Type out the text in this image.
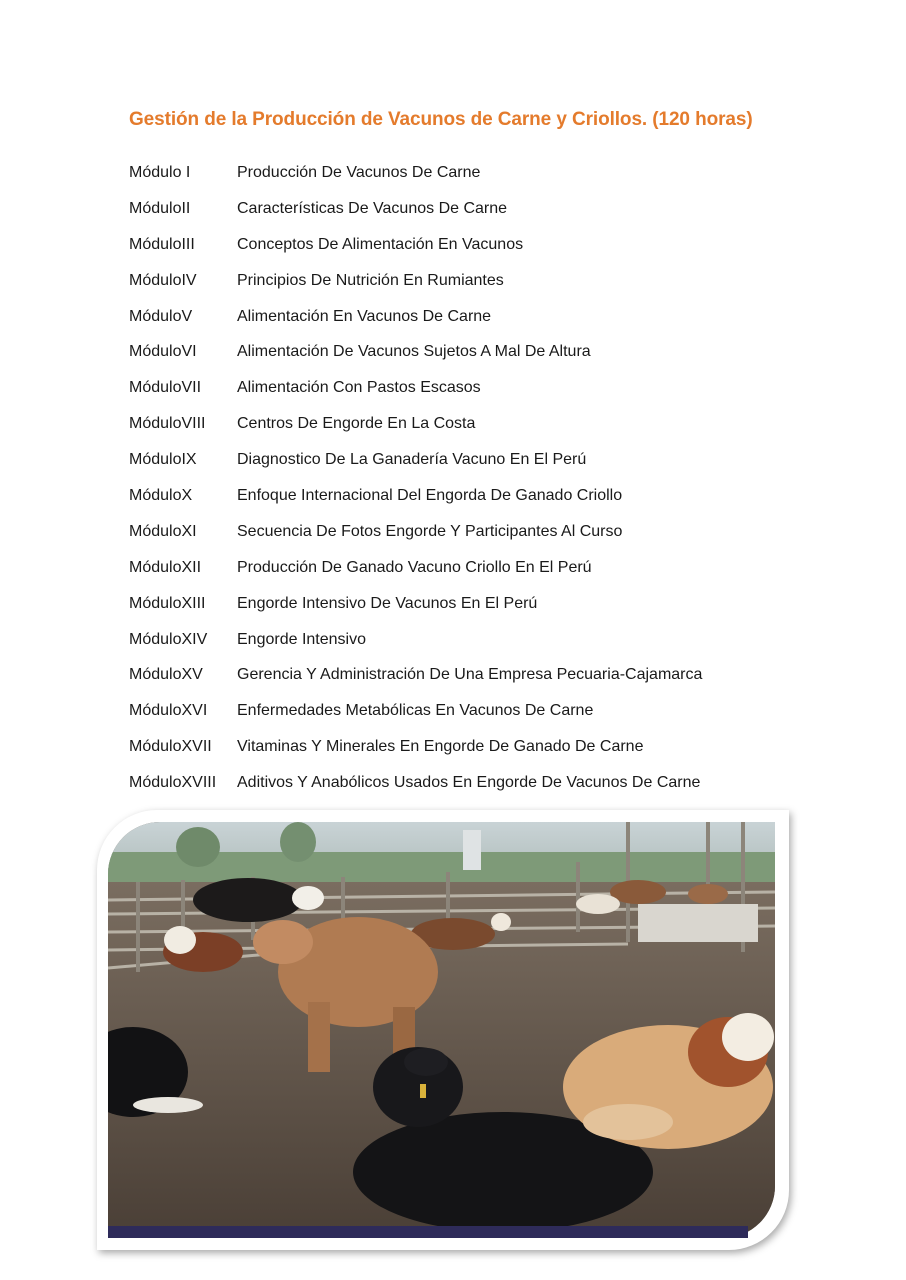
Gestión de la Producción de Vacunos de Carne y Criollos. (120 horas)
Módulo I	Producción De Vacunos De Carne
MóduloII	Características De Vacunos De Carne
MóduloIII	Conceptos De Alimentación En Vacunos
MóduloIV	Principios De Nutrición En Rumiantes
MóduloV	Alimentación En Vacunos De Carne
MóduloVI	Alimentación De Vacunos Sujetos A Mal De Altura
MóduloVII	Alimentación Con Pastos Escasos
MóduloVIII	Centros De Engorde En La Costa
MóduloIX	Diagnostico De La Ganadería Vacuno En El Perú
MóduloX	Enfoque Internacional Del Engorda De Ganado Criollo
MóduloXI	Secuencia De Fotos Engorde Y Participantes Al Curso
MóduloXII	Producción De Ganado Vacuno Criollo En El Perú
MóduloXIII	Engorde Intensivo De Vacunos En El Perú
MóduloXIV	Engorde Intensivo
MóduloXV	Gerencia Y Administración De Una Empresa Pecuaria-Cajamarca
MóduloXVI	Enfermedades Metabólicas En Vacunos De Carne
MóduloXVII	Vitaminas Y Minerales En Engorde De Ganado De Carne
MóduloXVIII	Aditivos Y Anabólicos Usados En Engorde De Vacunos De Carne
